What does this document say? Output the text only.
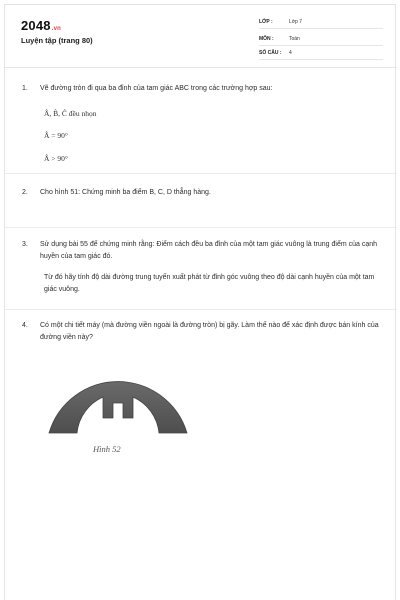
2048.vn
Luyện tập (trang 80)
LỚP :	Lớp 7
MÔN :	Toán
SỐ CÂU : 4
1. Vẽ đường tròn đi qua ba đỉnh của tam giác ABC trong các trường hợp sau:
Â, B̂, Ĉ đều nhọn
Â = 90°
Â > 90°
2. Cho hình 51: Chứng minh ba điểm B, C, D thẳng hàng.
3. Sử dụng bài 55 để chứng minh rằng: Điểm cách đều ba đỉnh của một tam giác vuông là trung điểm của cạnh huyền của tam giác đó.
Từ đó hãy tính độ dài đường trung tuyến xuất phát từ đỉnh góc vuông theo độ dài cạnh huyền của một tam giác vuông.
4. Có một chi tiết máy (mà đường viền ngoài là đường tròn) bị gãy. Làm thế nào để xác định được bán kính của đường viền này?
Hình 52
